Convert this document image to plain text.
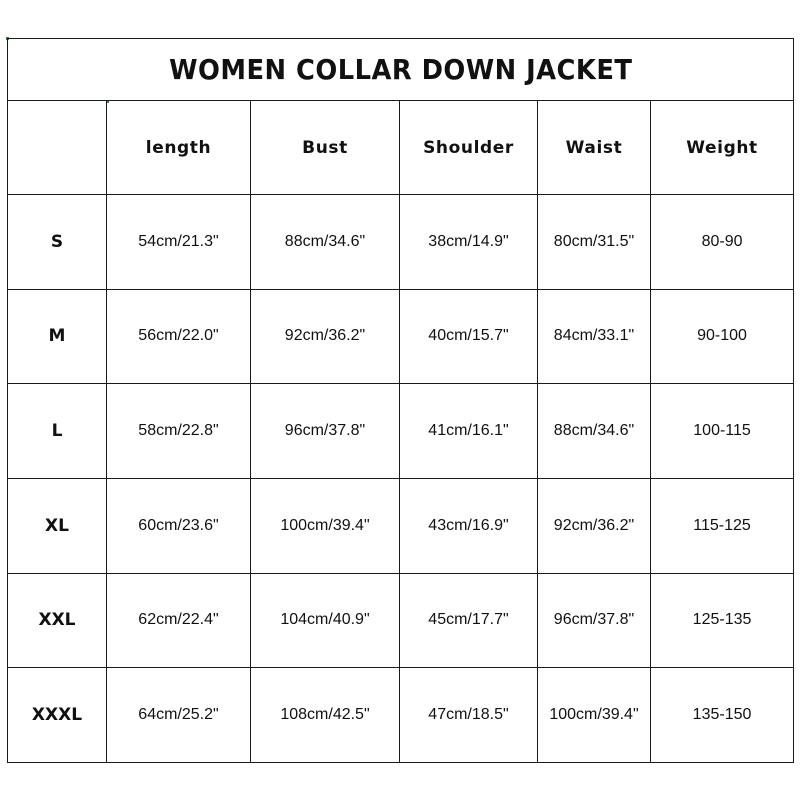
WOMEN COLLAR DOWN JACKET					
	length	Bust	Shoulder	Waist	Weight
S	54cm/21.3"	88cm/34.6"	38cm/14.9"	80cm/31.5"	80-90
M	56cm/22.0"	92cm/36.2"	40cm/15.7"	84cm/33.1"	90-100
L	58cm/22.8"	96cm/37.8"	41cm/16.1"	88cm/34.6"	100-115
XL	60cm/23.6"	100cm/39.4"	43cm/16.9"	92cm/36.2"	115-125
XXL	62cm/22.4"	104cm/40.9"	45cm/17.7"	96cm/37.8"	125-135
XXXL	64cm/25.2"	108cm/42.5"	47cm/18.5"	100cm/39.4"	135-150
